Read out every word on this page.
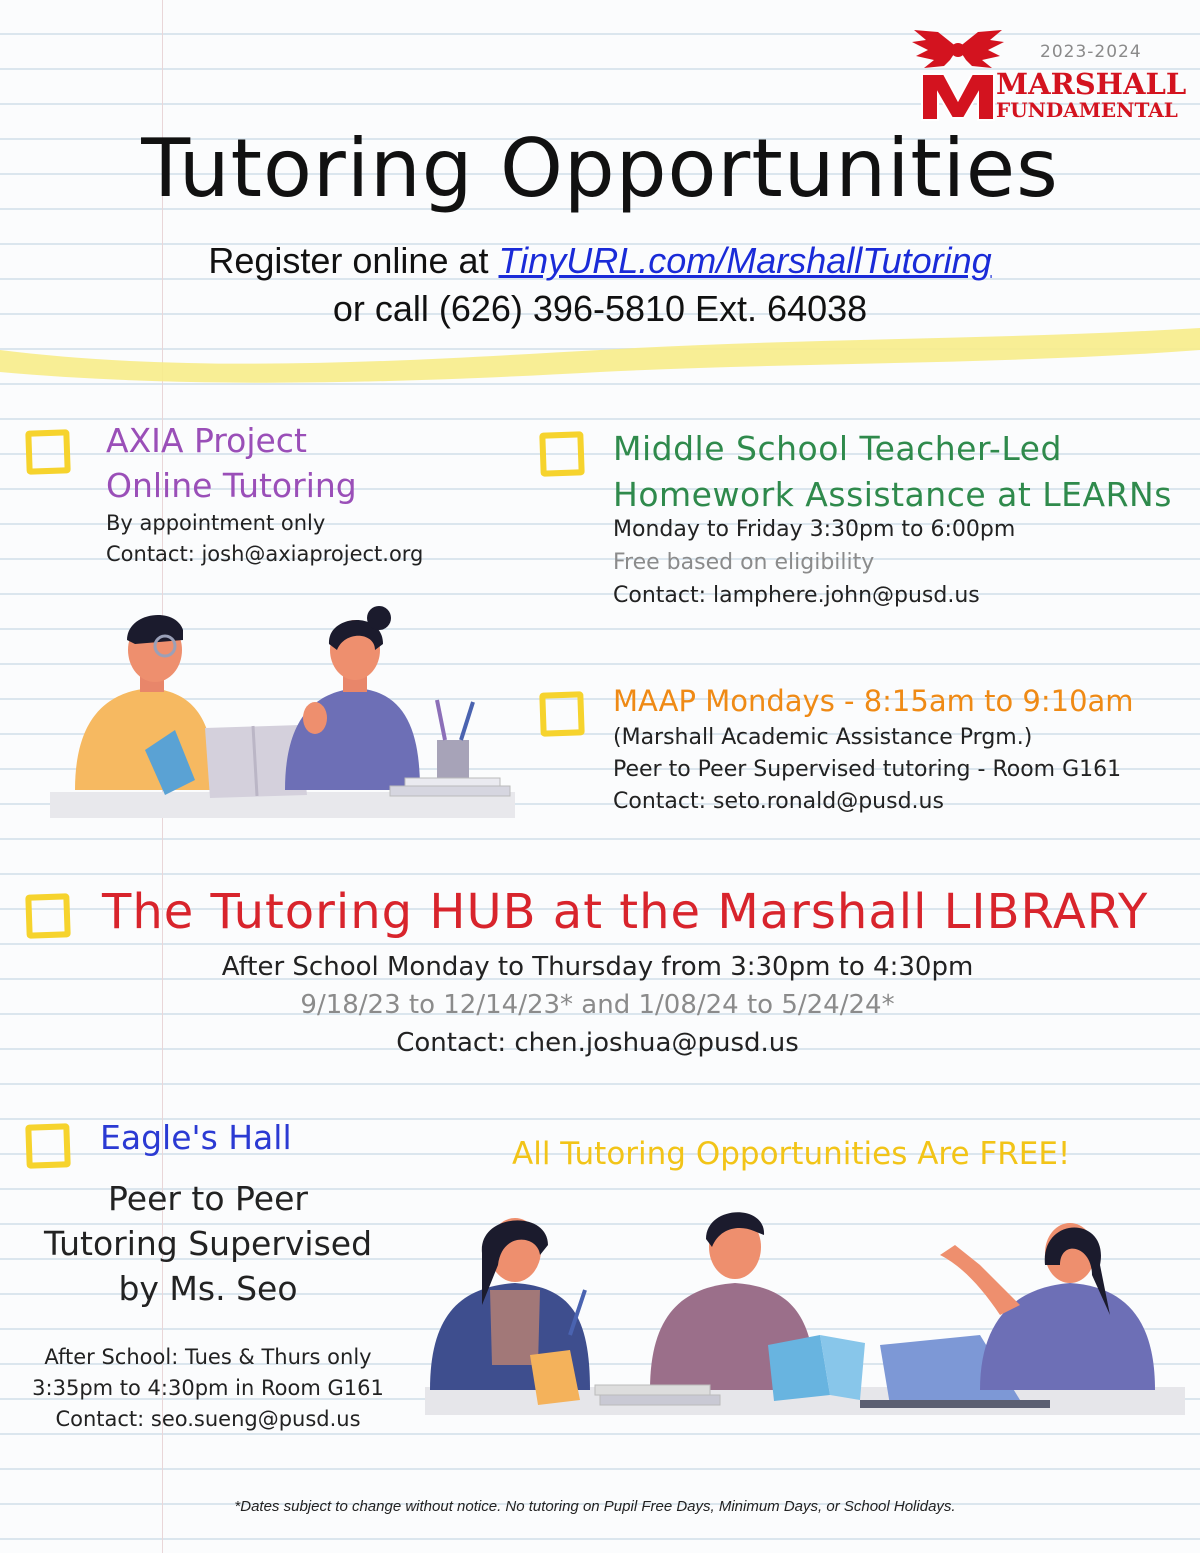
2023-2024
MARSHALL
FUNDAMENTAL
Tutoring Opportunities
Register online at TinyURL.com/MarshallTutoring
or call (626) 396-5810 Ext. 64038
AXIA Project
Online Tutoring
By appointment only
Contact: josh@axiaproject.org
Middle School Teacher-Led
Homework Assistance at LEARNs
Monday to Friday 3:30pm to 6:00pm
Free based on eligibility
Contact: lamphere.john@pusd.us
MAAP Mondays - 8:15am to 9:10am
(Marshall Academic Assistance Prgm.)
Peer to Peer Supervised tutoring - Room G161
Contact: seto.ronald@pusd.us
The Tutoring HUB at the Marshall LIBRARY
After School Monday to Thursday from 3:30pm to 4:30pm
9/18/23 to 12/14/23* and 1/08/24 to 5/24/24*
Contact: chen.joshua@pusd.us
Eagle's Hall
Peer to Peer
Tutoring Supervised
by Ms. Seo
After School: Tues & Thurs only
3:35pm to 4:30pm in Room G161
Contact: seo.sueng@pusd.us
All Tutoring Opportunities Are FREE!
*Dates subject to change without notice. No tutoring on Pupil Free Days, Minimum Days, or School Holidays.
